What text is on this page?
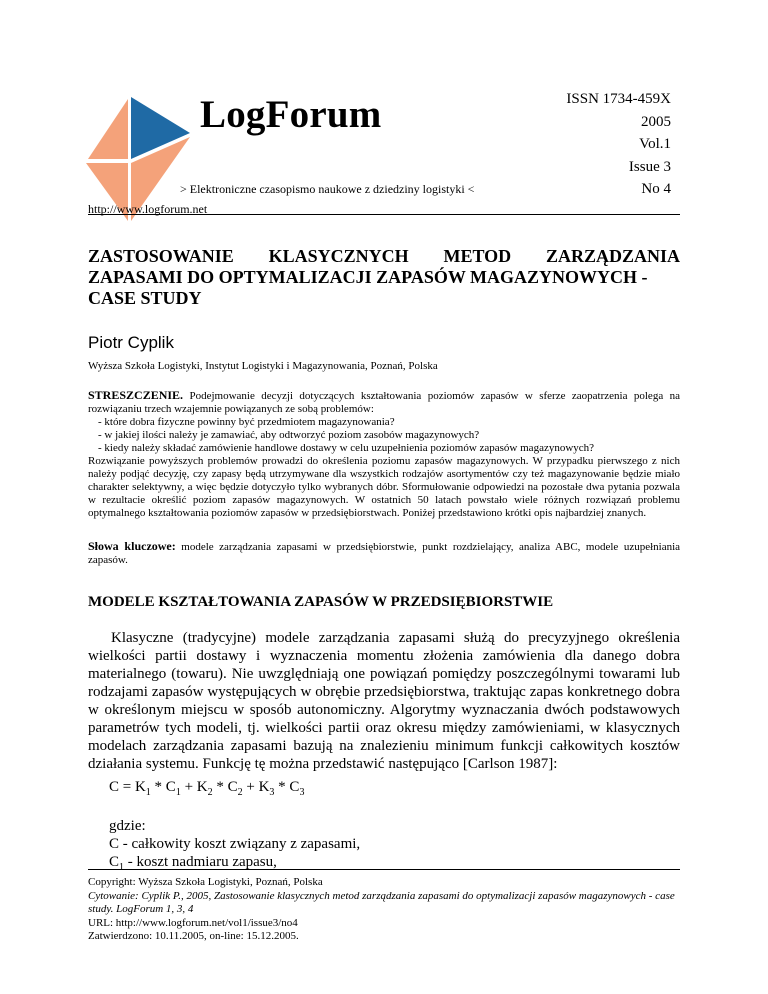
LogForum	ISSN 1734-459X
2005
Vol.1
Issue 3
No 4
> Elektroniczne czasopismo naukowe z dziedziny logistyki <
http://www.logforum.net
ZASTOSOWANIE KLASYCZNYCH METOD ZARZĄDZANIA
ZAPASAMI DO OPTYMALIZACJI ZAPASÓW MAGAZYNOWYCH -
CASE STUDY
Piotr Cyplik
Wyższa Szkoła Logistyki, Instytut Logistyki i Magazynowania, Poznań, Polska

STRESZCZENIE. Podejmowanie decyzji dotyczących kształtowania poziomów zapasów w sferze zaopatrzenia polega na rozwiązaniu trzech wzajemnie powiązanych ze sobą problemów:

- które dobra fizyczne powinny być przedmiotem magazynowania?
- w jakiej ilości należy je zamawiać, aby odtworzyć poziom zasobów magazynowych?
- kiedy należy składać zamówienie handlowe dostawy w celu uzupełnienia poziomów zapasów magazynowych?

Rozwiązanie powyższych problemów prowadzi do określenia poziomu zapasów magazynowych. W przypadku pierwszego z nich należy podjąć decyzję, czy zapasy będą utrzymywane dla wszystkich rodzajów asortymentów czy też magazynowanie będzie miało charakter selektywny, a więc będzie dotyczyło tylko wybranych dóbr. Sformułowanie odpowiedzi na pozostałe dwa pytania pozwala w rezultacie określić poziom zapasów magazynowych. W ostatnich 50 latach powstało wiele różnych rozwiązań problemu optymalnego kształtowania poziomów zapasów w przedsiębiorstwach. Poniżej przedstawiono krótki opis najbardziej znanych.

Słowa kluczowe: modele zarządzania zapasami w przedsiębiorstwie, punkt rozdzielający, analiza ABC, modele uzupełniania zapasów.
MODELE KSZTAŁTOWANIA ZAPASÓW W PRZEDSIĘBIORSTWIE

Klasyczne (tradycyjne) modele zarządzania zapasami służą do precyzyjnego określenia wielkości partii dostawy i wyznaczenia momentu złożenia zamówienia dla danego dobra materialnego (towaru). Nie uwzględniają one powiązań pomiędzy poszczególnymi towarami lub rodzajami zapasów występujących w obrębie przedsiębiorstwa, traktując zapas konkretnego dobra w określonym miejscu w sposób autonomiczny. Algorytmy wyznaczania dwóch podstawowych parametrów tych modeli, tj. wielkości partii oraz okresu między zamówieniami, w klasycznych modelach zarządzania zapasami bazują na znalezieniu minimum funkcji całkowitych kosztów działania systemu. Funkcję tę można przedstawić następująco [Carlson 1987]:

$C = K_1 * C_1 + K_2 * C_2 + K_3 * C_3$
gdzie:
C - całkowity koszt związany z zapasami,
$C_1$ - koszt nadmiaru zapasu,
Copyright: Wyższa Szkoła Logistyki, Poznań, Polska
Cytowanie: Cyplik P., 2005, Zastosowanie klasycznych metod zarządzania zapasami do optymalizacji zapasów magazynowych - case study. LogForum 1, 3, 4
URL: http://www.logforum.net/vol1/issue3/no4
Zatwierdzono: 10.11.2005, on-line: 15.12.2005.
